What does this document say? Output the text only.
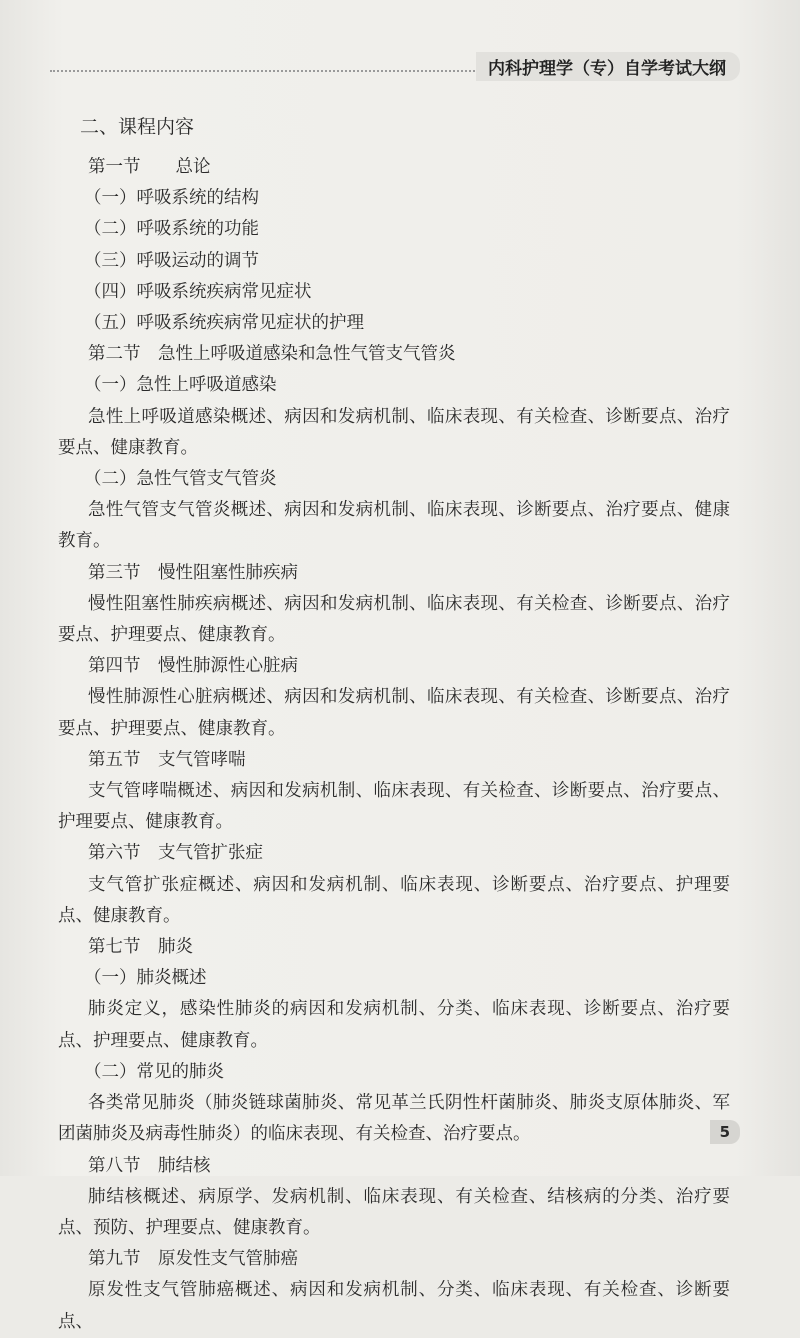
内科护理学（专）自学考试大纲
二、课程内容

第一节　　总论

（一）呼吸系统的结构

（二）呼吸系统的功能

（三）呼吸运动的调节

（四）呼吸系统疾病常见症状

（五）呼吸系统疾病常见症状的护理

第二节　急性上呼吸道感染和急性气管支气管炎

（一）急性上呼吸道感染

急性上呼吸道感染概述、病因和发病机制、临床表现、有关检查、诊断要点、治疗要点、健康教育。

（二）急性气管支气管炎

急性气管支气管炎概述、病因和发病机制、临床表现、诊断要点、治疗要点、健康教育。

第三节　慢性阻塞性肺疾病

慢性阻塞性肺疾病概述、病因和发病机制、临床表现、有关检查、诊断要点、治疗要点、护理要点、健康教育。

第四节　慢性肺源性心脏病

慢性肺源性心脏病概述、病因和发病机制、临床表现、有关检查、诊断要点、治疗要点、护理要点、健康教育。

第五节　支气管哮喘

支气管哮喘概述、病因和发病机制、临床表现、有关检查、诊断要点、治疗要点、护理要点、健康教育。

第六节　支气管扩张症

支气管扩张症概述、病因和发病机制、临床表现、诊断要点、治疗要点、护理要点、健康教育。

第七节　肺炎

（一）肺炎概述

肺炎定义，感染性肺炎的病因和发病机制、分类、临床表现、诊断要点、治疗要点、护理要点、健康教育。

（二）常见的肺炎

各类常见肺炎（肺炎链球菌肺炎、常见革兰氏阴性杆菌肺炎、肺炎支原体肺炎、军团菌肺炎及病毒性肺炎）的临床表现、有关检查、治疗要点。

第八节　肺结核

肺结核概述、病原学、发病机制、临床表现、有关检查、结核病的分类、治疗要点、预防、护理要点、健康教育。

第九节　原发性支气管肺癌

原发性支气管肺癌概述、病因和发病机制、分类、临床表现、有关检查、诊断要点、

5
